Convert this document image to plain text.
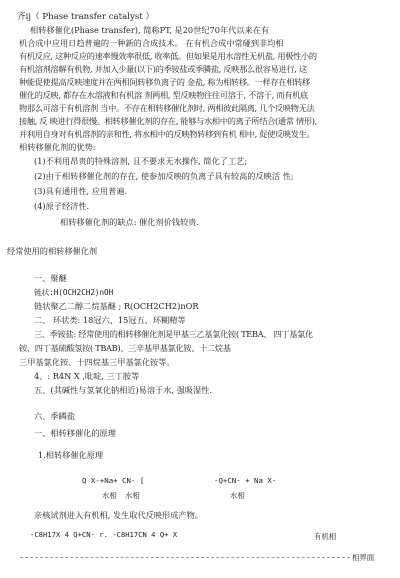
齐ij（ Phase transfer catalyst ）
相转移催化(Phase transfer), 简称PT, 是20世纪70年代以来在有
机合成中应用日趋普遍的一种新的合成技术。 在有机合成中常碰到非均相
有机反应, 这种反应的速率慢效率很低, 收率低。但如果是用水溶性无机盐, 用极性小的
有机溶剂溶解有机物, 并加入少量(以下)的季铵盐或季膦盐, 反映那么很容易进行, 这
种能促使提高反映速度并在两相间转移负离子的 金盐, 称为相转移。一样存在相转移
催化的反映, 都存在水溶液和有机溶 剂两相, 型反映物往往可溶于, 不溶于, 而有机底
物那么可溶于有机溶剂 当中。不存在相转移催化剂时, 两相彼此隔离, 几个反映物无法
接触, 反 映进行得很慢。相转移催化剂的存在, 能够与水相中的离子所结合(通常 情形),
并利用自身对有机溶剂的亲和性, 将水相中的反映物转移到有机 相中, 促使反映发生。
相转移催化剂的优势:
(1)不利用昂贵的特殊溶剂, 且不要求无水操作, 简化了工艺;
(2)由于相转移催化剂的存在, 使参加反映的负离子具有较高的反映活 性;
(3)具有通用性, 应用普遍.
(4)原子经济性.
相转移催化剂的缺点: 催化剂价钱较贵.
经常使用的相转移催化剂
一、聚醚
链状:H(OCH2CH2)nOH
链状聚乙二醇二烷基醚 ; R(OCH2CH2)nOR
二、 环状类: 18冠六、15冠五、环糊精等
三、季铵盐: 经常使用的相转移催化剂是甲基三乙基氯化铵( TEBA、 四丁基氯化
铵、四丁基硫酸氢铵( TBAB)、三辛基甲基氯化铵、十二烷基
三甲基氯化铵、十四烷基三甲基氯化铵等。
4、: R4N X ,吡啶, 三丁胺等
五、(其碱性与氢氧化钠相近)易溶于水, 强吸湿性.
六、季瞵盐
一、相转移催化的原理
1.相转移催化原理
Q X-+Na+ CN- [	-Q+CN- + Na X-
水相 水相	水相
亲核试剂进入有机相, 发生取代反映形成产物。
-C8H17X 4 Q+CN- r. -C8H17CN 4 Q+ X	有机相
相界面
